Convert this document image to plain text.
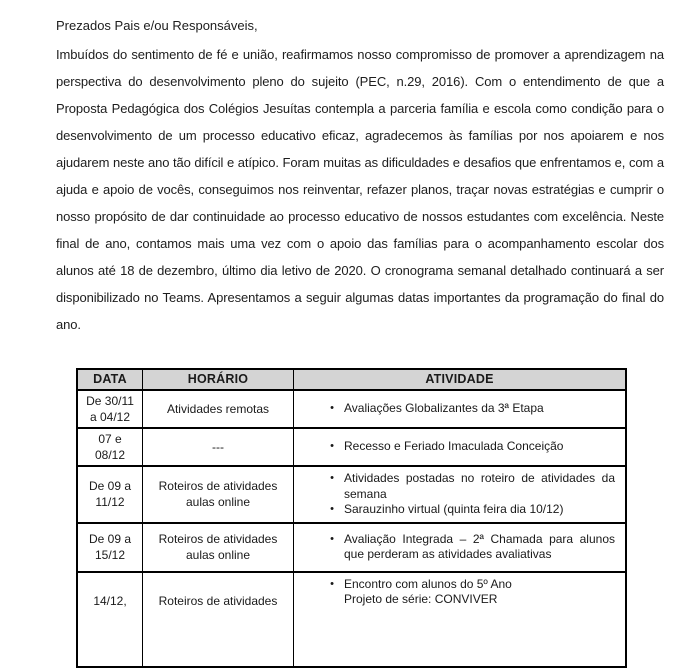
Prezados Pais e/ou Responsáveis,

Imbuídos do sentimento de fé e união, reafirmamos nosso compromisso de promover a aprendizagem na perspectiva do desenvolvimento pleno do sujeito (PEC, n.29, 2016). Com o entendimento de que a Proposta Pedagógica dos Colégios Jesuítas contempla a parceria família e escola como condição para o desenvolvimento de um processo educativo eficaz, agradecemos às famílias por nos apoiarem e nos ajudarem neste ano tão difícil e atípico. Foram muitas as dificuldades e desafios que enfrentamos e, com a ajuda e apoio de vocês, conseguimos nos reinventar, refazer planos, traçar novas estratégias e cumprir o nosso propósito de dar continuidade ao processo educativo de nossos estudantes com excelência. Neste final de ano, contamos mais uma vez com o apoio das famílias para o acompanhamento escolar dos alunos até 18 de dezembro, último dia letivo de 2020. O cronograma semanal detalhado continuará a ser disponibilizado no Teams. Apresentamos a seguir algumas datas importantes da programação do final do ano.

DATA	HORÁRIO	ATIVIDADE
De 30/11
a 04/12	Atividades remotas	• Avaliações Globalizantes da 3ª Etapa

07 e
08/12	---	• Recesso e Feriado Imaculada Conceição

De 09 a
11/12	Roteiros de atividades
aulas online	
• Atividades postadas no roteiro de atividades da semana
• Sarauzinho virtual (quinta feira dia 10/12)

De 09 a
15/12	Roteiros de atividades
aulas online	• Avaliação Integrada – 2ª Chamada para alunos que perderam as atividades avaliativas

14/12,	Roteiros de atividades	• Encontro com alunos do 5º Ano
Projeto de série: CONVIVER
